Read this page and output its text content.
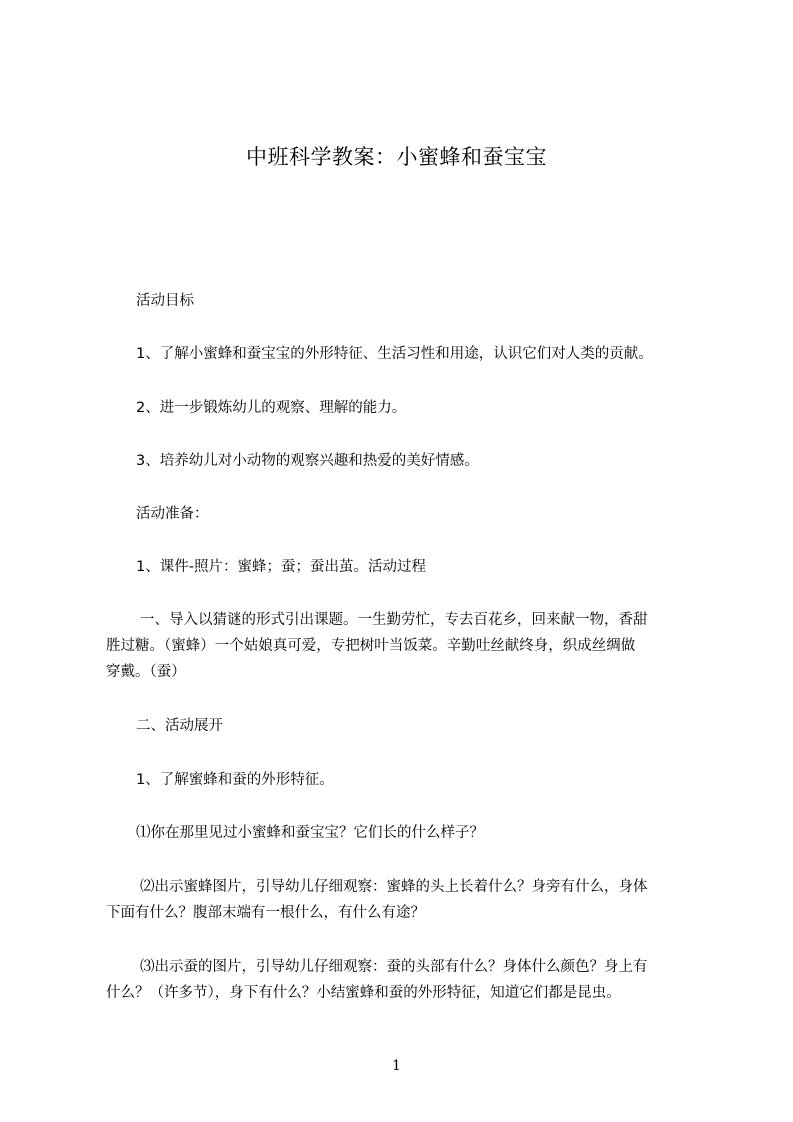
中班科学教案：小蜜蜂和蚕宝宝
活动目标
1、了解小蜜蜂和蚕宝宝的外形特征、生活习性和用途，认识它们对人类的贡献。
2、进一步锻炼幼儿的观察、理解的能力。
3、培养幼儿对小动物的观察兴趣和热爱的美好情感。
活动准备：
1、课件-照片：蜜蜂；蚕；蚕出茧。活动过程
一、导入以猜谜的形式引出课题。一生勤劳忙，专去百花乡，回来献一物，香甜
胜过糖。（蜜蜂）一个姑娘真可爱，专把树叶当饭菜。辛勤吐丝献终身，织成丝绸做
穿戴。（蚕）
二、活动展开
1、了解蜜蜂和蚕的外形特征。
⑴你在那里见过小蜜蜂和蚕宝宝？它们长的什么样子？
⑵出示蜜蜂图片，引导幼儿仔细观察：蜜蜂的头上长着什么？身旁有什么，身体
下面有什么？腹部末端有一根什么，有什么有途？
⑶出示蚕的图片，引导幼儿仔细观察：蚕的头部有什么？身体什么颜色？身上有
什么？（许多节），身下有什么？小结蜜蜂和蚕的外形特征，知道它们都是昆虫。
1
